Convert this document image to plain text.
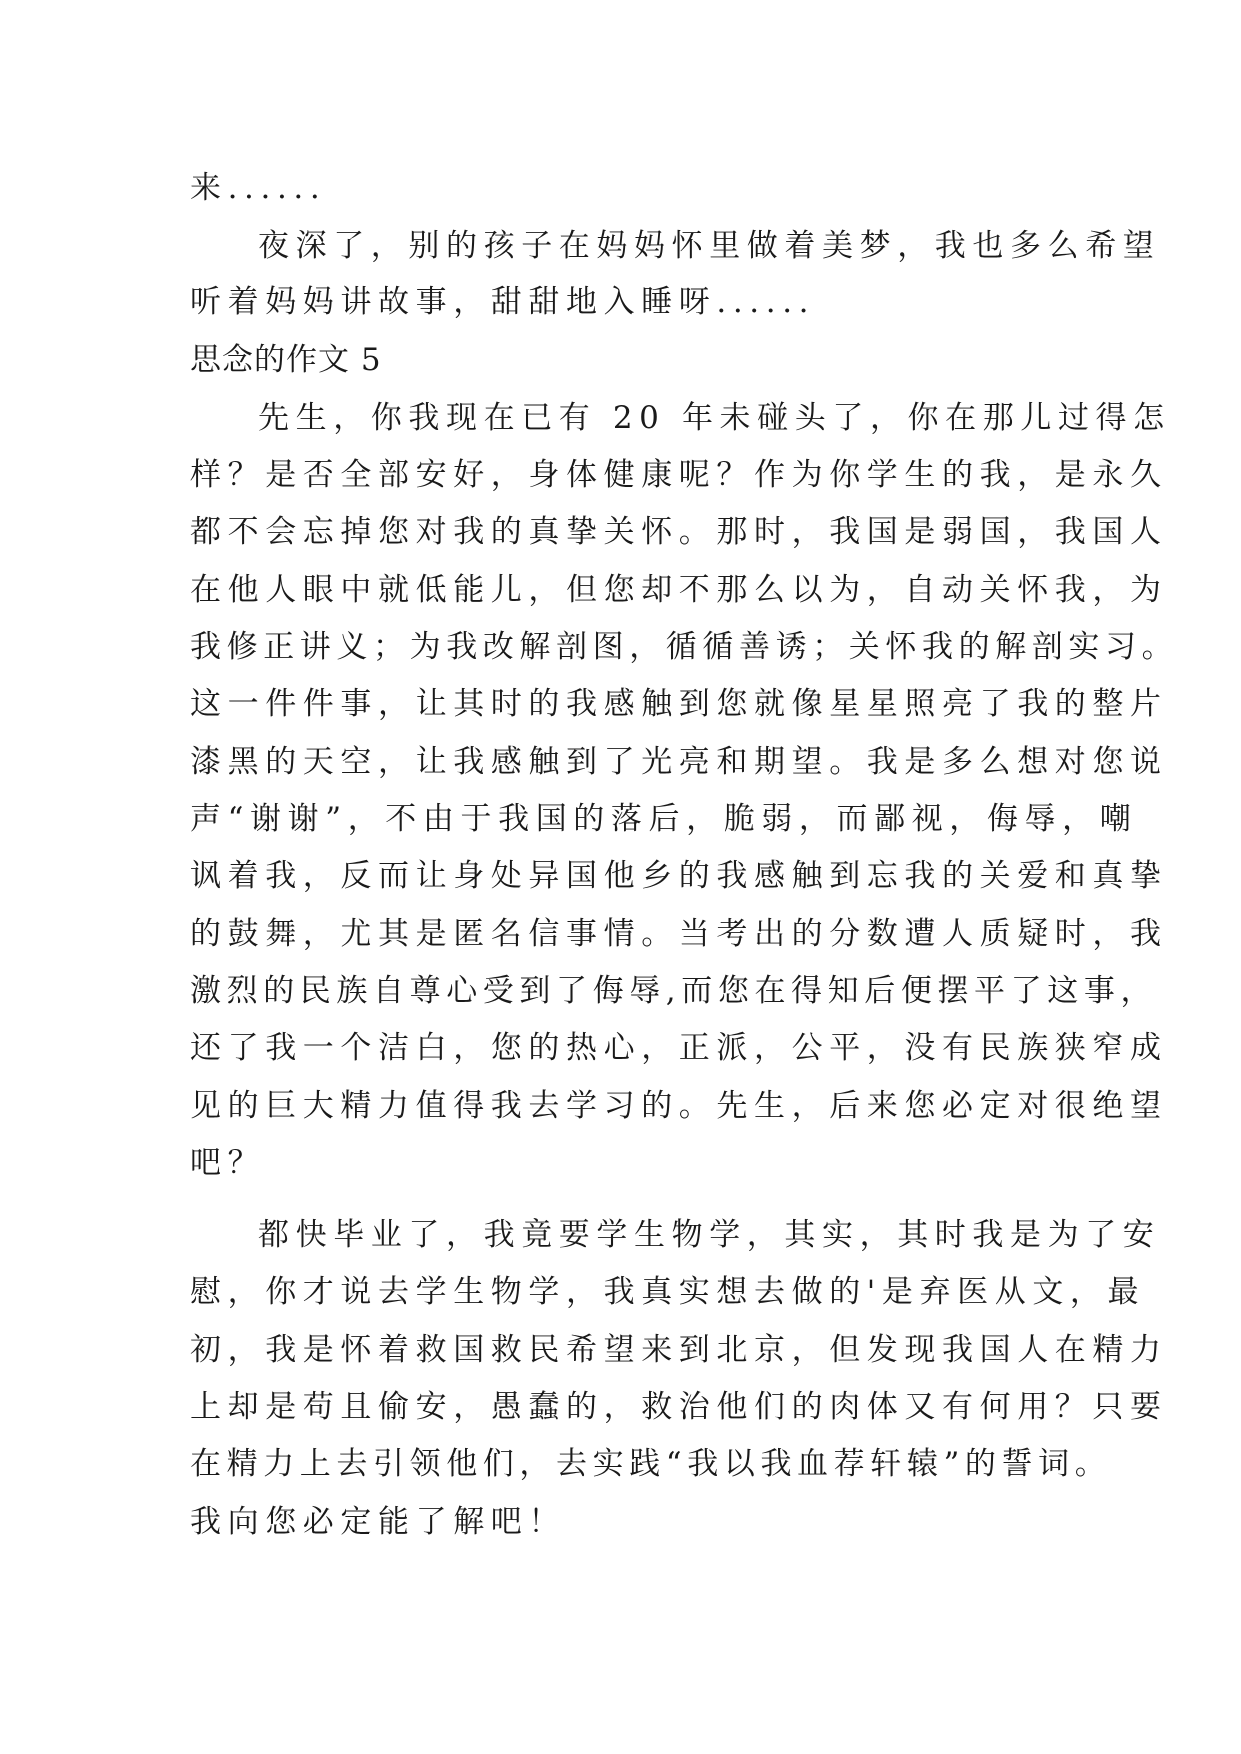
来......
夜深了，别的孩子在妈妈怀里做着美梦，我也多么希望
听着妈妈讲故事，甜甜地入睡呀......
思念的作文 5
先生，你我现在已有 20 年未碰头了，你在那儿过得怎
样？是否全部安好，身体健康呢？作为你学生的我，是永久
都不会忘掉您对我的真挚关怀。那时，我国是弱国，我国人
在他人眼中就低能儿，但您却不那么以为，自动关怀我，为
我修正讲义；为我改解剖图，循循善诱；关怀我的解剖实习。
这一件件事，让其时的我感触到您就像星星照亮了我的整片
漆黑的天空，让我感触到了光亮和期望。我是多么想对您说
声“谢谢”，不由于我国的落后，脆弱，而鄙视，侮辱，嘲
讽着我，反而让身处异国他乡的我感触到忘我的关爱和真挚
的鼓舞，尤其是匿名信事情。当考出的分数遭人质疑时，我
激烈的民族自尊心受到了侮辱,而您在得知后便摆平了这事，
还了我一个洁白，您的热心，正派，公平，没有民族狭窄成
见的巨大精力值得我去学习的。先生，后来您必定对很绝望
吧？
都快毕业了，我竟要学生物学，其实，其时我是为了安
慰，你才说去学生物学，我真实想去做的'是弃医从文，最
初，我是怀着救国救民希望来到北京，但发现我国人在精力
上却是苟且偷安，愚蠢的，救治他们的肉体又有何用？只要
在精力上去引领他们，去实践“我以我血荐轩辕”的誓词。
我向您必定能了解吧！
